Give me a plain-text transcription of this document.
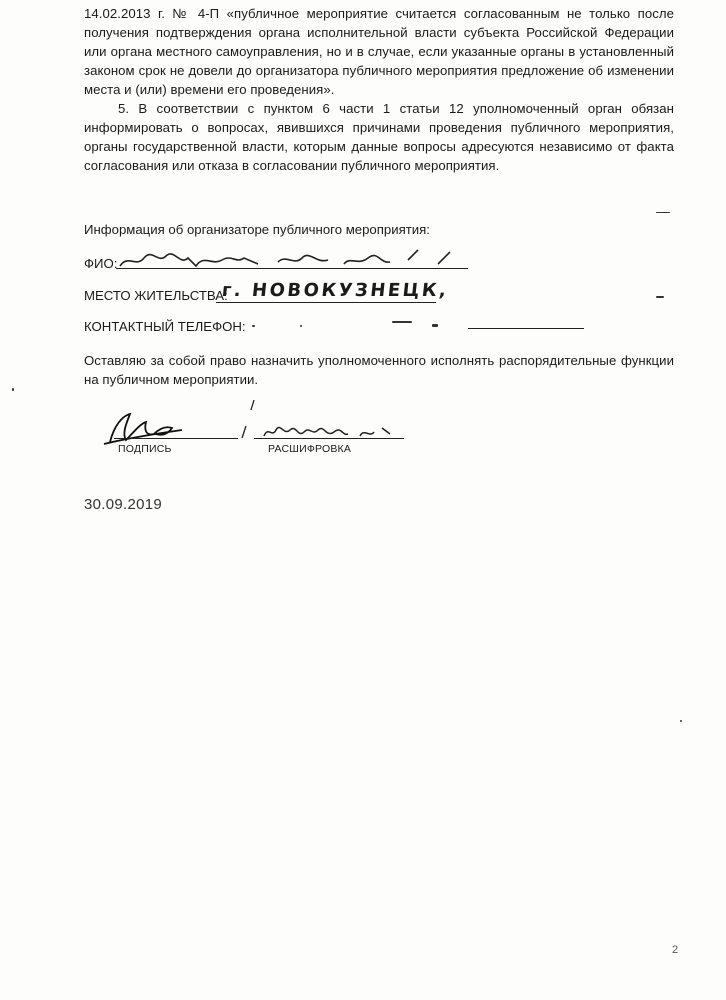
14.02.2013 г. № 4-П «публичное мероприятие считается согласованным не только после получения подтверждения органа исполнительной власти субъекта Российской Федерации или органа местного самоуправления, но и в случае, если указанные органы в установленный законом срок не довели до организатора публичного мероприятия предложение об изменении места и (или) времени его проведения».

5. В соответствии с пунктом 6 части 1 статьи 12 уполномоченный орган обязан информировать о вопросах, явившихся причинами проведения публичного мероприятия, органы государственной власти, которым данные вопросы адресуются независимо от факта согласования или отказа в согласовании публичного мероприятия.

Информация об организаторе публичного мероприятия:
ФИО:
МЕСТО ЖИТЕЛЬСТВА:
г. НОВОКУЗНЕЦК,
КОНТАКТНЫЙ ТЕЛЕФОН:
Оставляю за собой право назначить уполномоченного исполнять распорядительные функции на публичном мероприятии.
ПОДПИСЬ	РАСШИФРОВКА
30.09.2019
2
